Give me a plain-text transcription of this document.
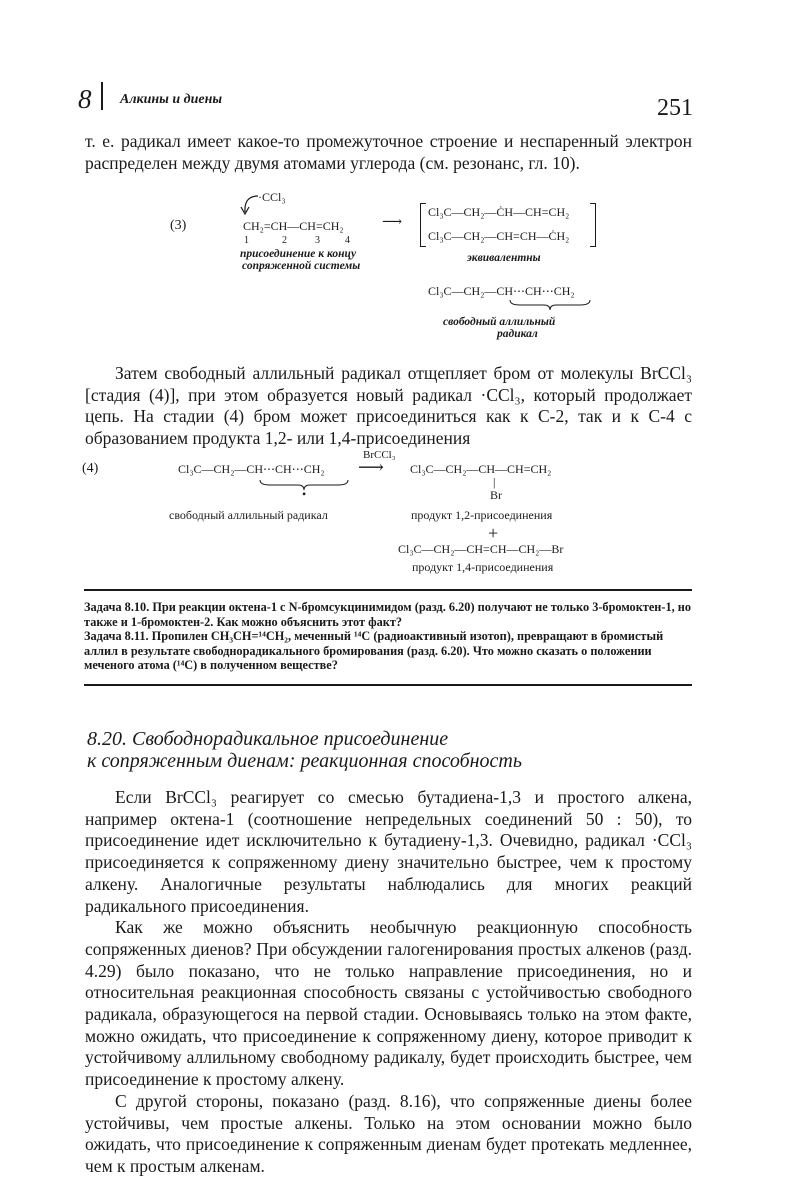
8 Алкины и диены	251

т. е. радикал имеет какое-то промежуточное строение и неспаренный электрон распределен между двумя атомами углерода (см. резонанс, гл. 10).

(3)
·CCl₃
CH₂=CH—CH=CH₂
1	2	3	4
присоединение к концу
сопряженной системы
⟶
Cl₃C—CH₂—ĊH—CH=CH₂
Cl₃C—CH₂—CH=CH—ĊH₂
эквивалентны
Cl₃C—CH₂—CH⋯CH⋯CH₂
свободный аллильный
радикал

Затем свободный аллильный радикал отщепляет бром от молекулы BrCCl₃ [стадия (4)], при этом образуется новый радикал ·CCl₃, который продолжает цепь. На стадии (4) бром может присоединиться как к С-2, так и к С-4 с образованием продукта 1,2- или 1,4-присоединения

(4)	Cl₃C—CH₂—CH⋯CH⋯CH₂
•
свободный аллильный радикал
BrCCl₃
⟶ Cl₃C—CH₂—CH—CH=CH₂
|
Br
продукт 1,2-присоединения
+
Cl₃C—CH₂—CH=CH—CH₂—Br
продукт 1,4-присоединения

Задача 8.10. При реакции октена-1 с N-бромсукцинимидом (разд. 6.20) получают не только 3-бромоктен-1, но также и 1-бромоктен-2. Как можно объяснить этот факт?

Задача 8.11. Пропилен CH₃CH=¹⁴CH₂, меченный ¹⁴C (радиоактивный изотоп), превращают в бромистый аллил в результате свободнорадикального бромирования (разд. 6.20). Что можно сказать о положении меченого атома (¹⁴C) в полученном веществе?

8.20. Свободнорадикальное присоединение

к сопряженным диенам: реакционная способность

Если BrCCl₃ реагирует со смесью бутадиена-1,3 и простого алкена, например октена-1 (соотношение непредельных соединений 50 : 50), то присоединение идет исключительно к бутадиену-1,3. Очевидно, радикал ·CCl₃ присоединяется к сопряженному диену значительно быстрее, чем к простому алкену. Аналогичные результаты наблюдались для многих реакций радикального присоединения.

Как же можно объяснить необычную реакционную способность сопряженных диенов? При обсуждении галогенирования простых алкенов (разд. 4.29) было показано, что не только направление присоединения, но и относительная реакционная способность связаны с устойчивостью свободного радикала, образующегося на первой стадии. Основываясь только на этом факте, можно ожидать, что присоединение к сопряженному диену, которое приводит к устойчивому аллильному свободному радикалу, будет происходить быстрее, чем присоединение к простому алкену.

С другой стороны, показано (разд. 8.16), что сопряженные диены более устойчивы, чем простые алкены. Только на этом основании можно было ожидать, что присоединение к сопряженным диенам будет протекать медленнее, чем к простым алкенам.
